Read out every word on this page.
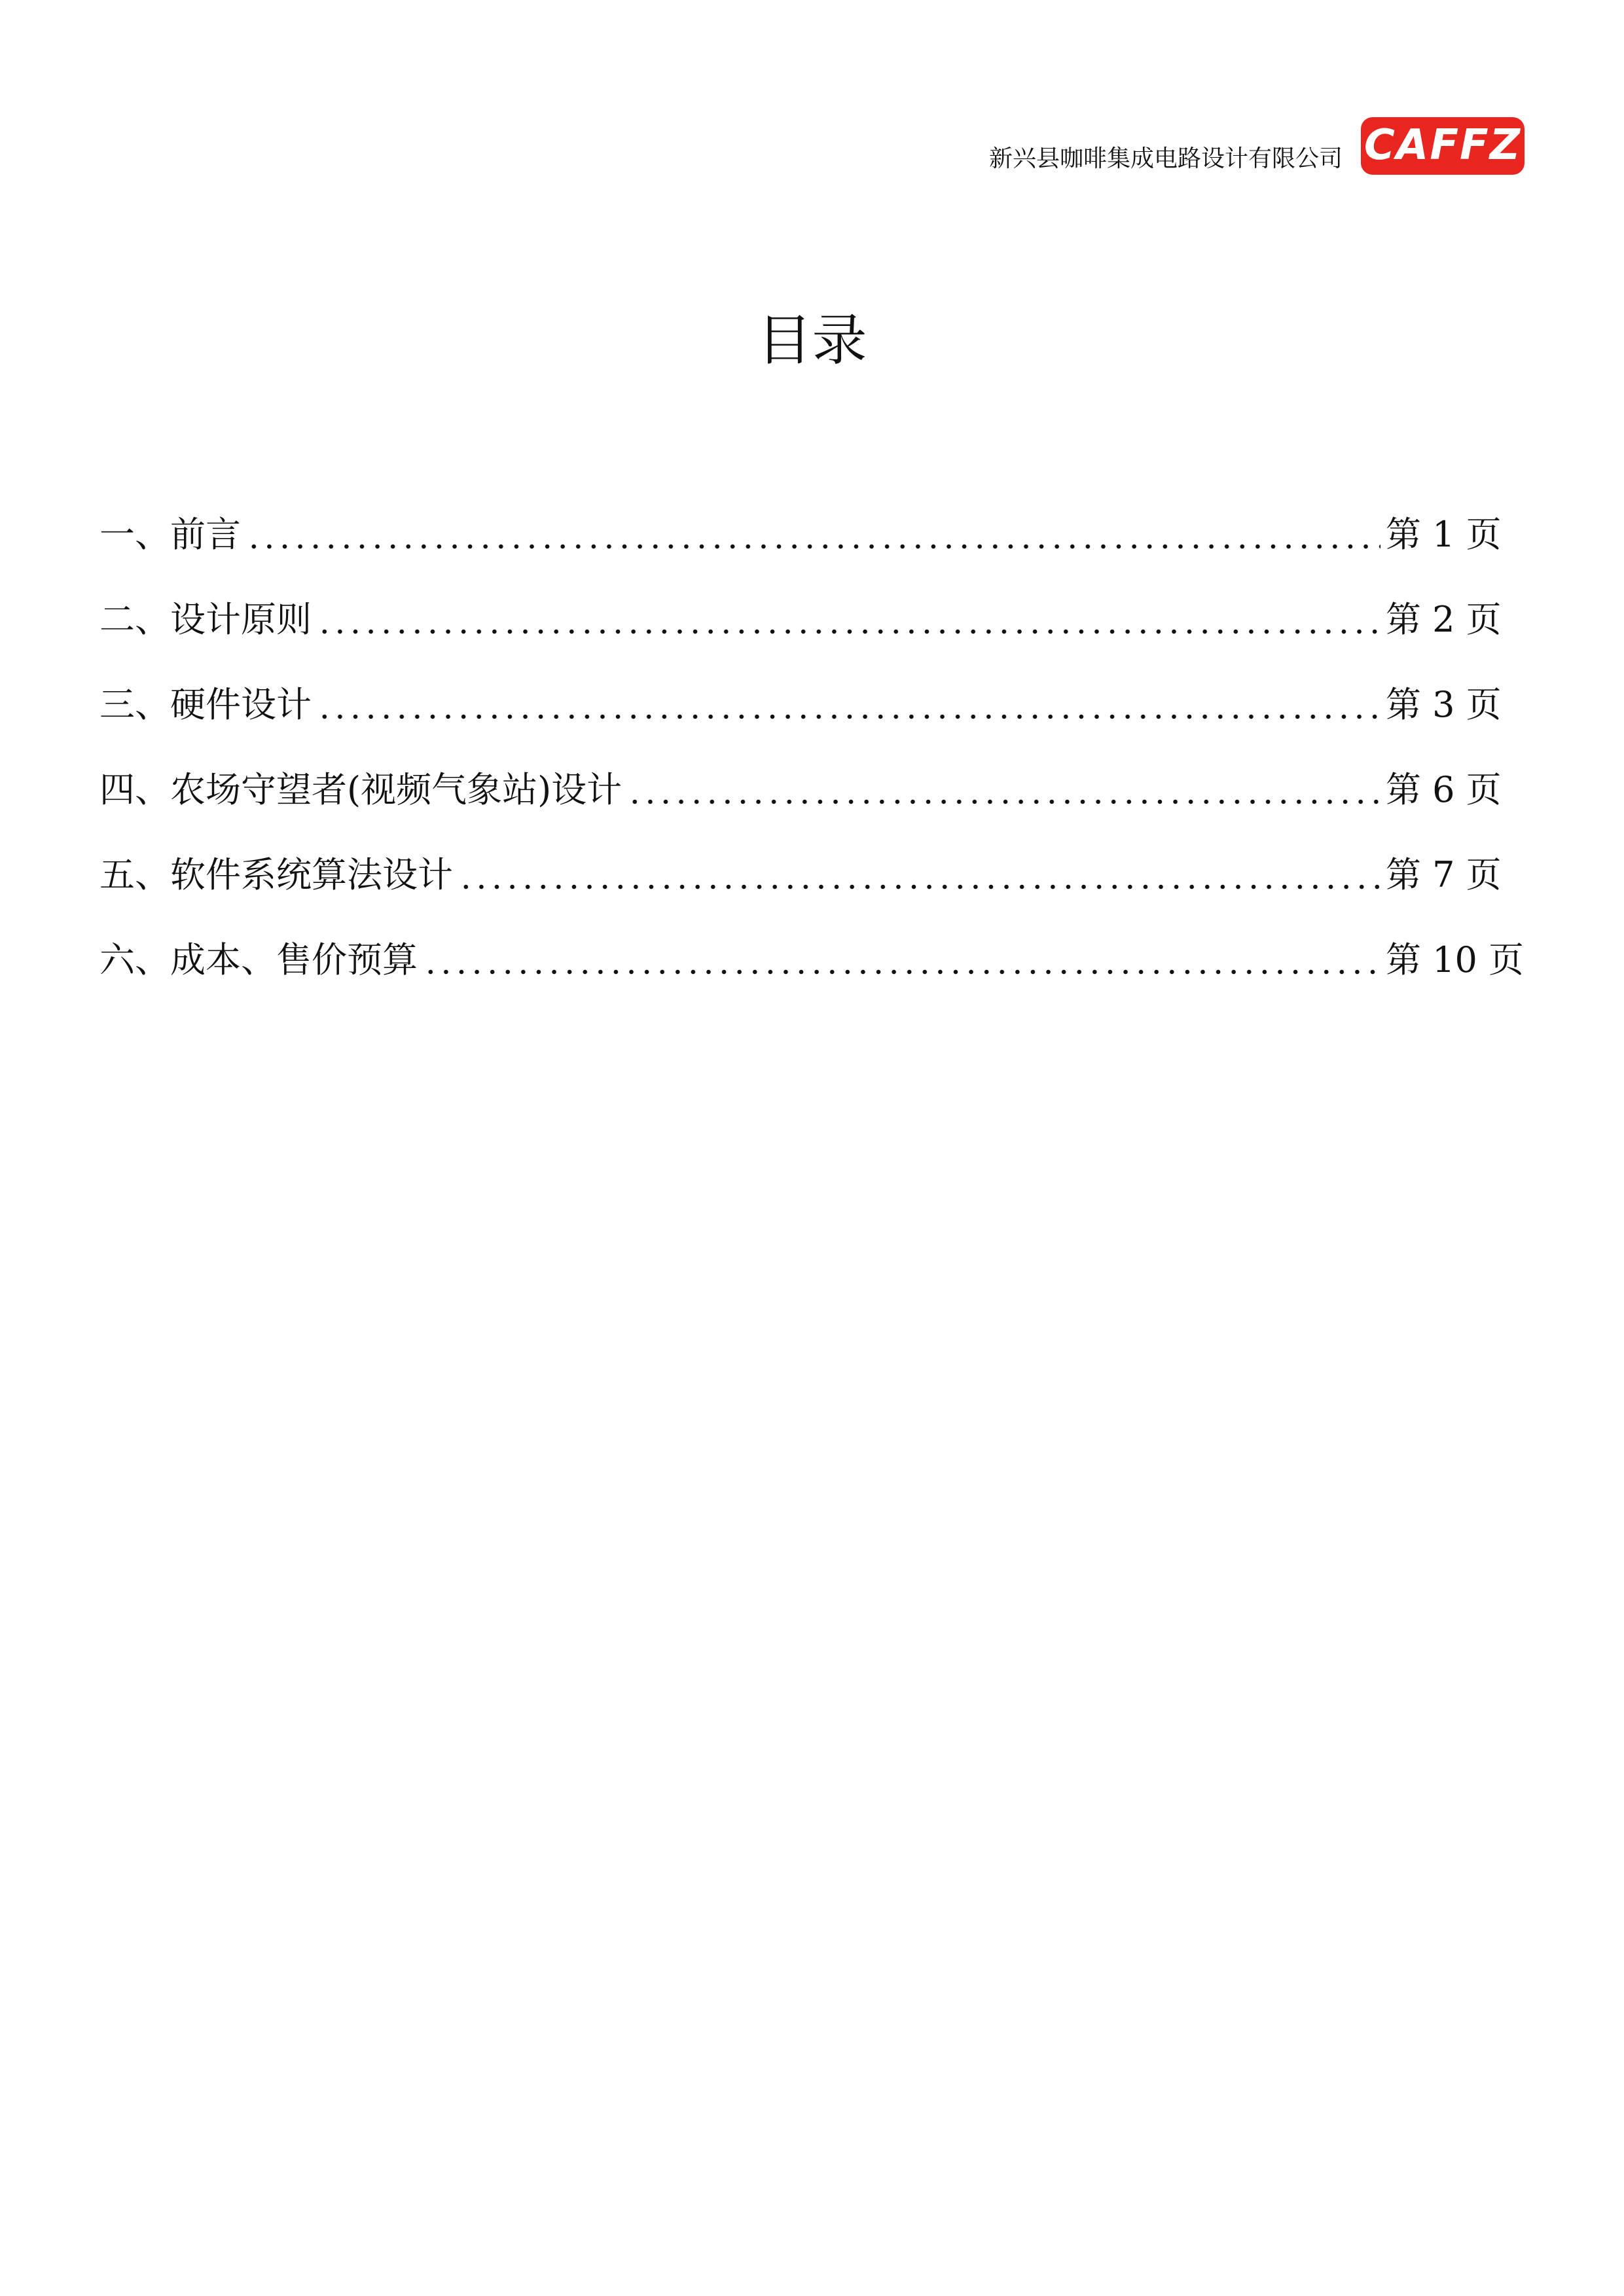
新兴县咖啡集成电路设计有限公司 CAFFZ
目录
一、前言	第 1 页
二、设计原则	第 2 页
三、硬件设计	第 3 页
四、农场守望者(视频气象站)设计	第 6 页
五、软件系统算法设计	第 7 页
六、成本、售价预算	第 10 页
